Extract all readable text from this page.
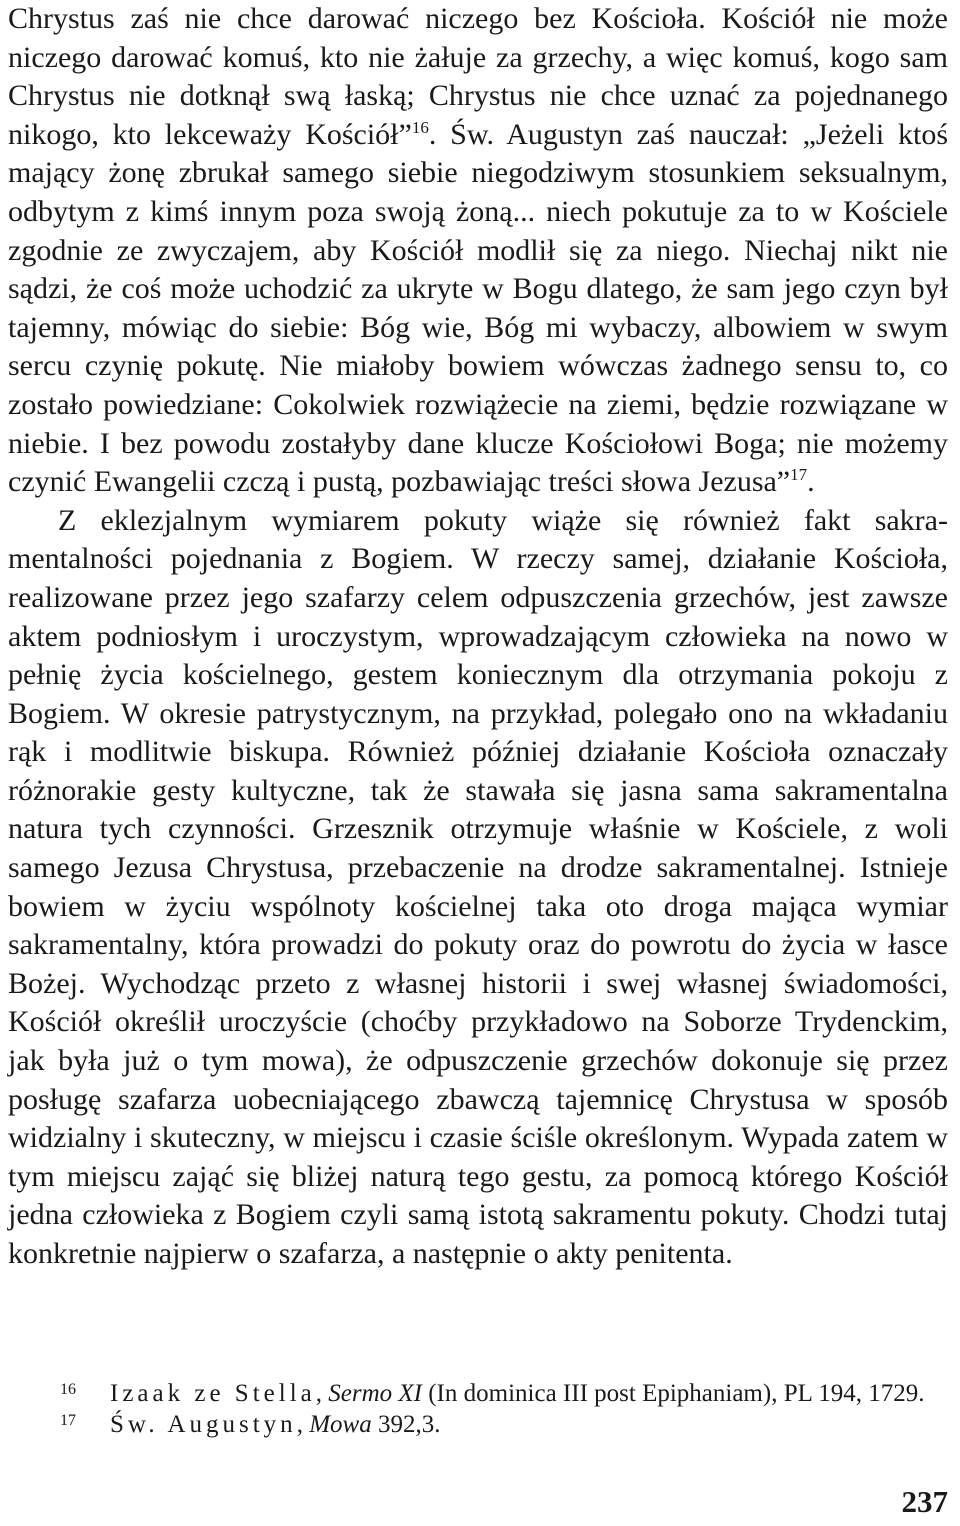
Chrystus zaś nie chce darować niczego bez Kościoła. Kościół nie może niczego darować komuś, kto nie żałuje za grzechy, a więc komuś, kogo sam Chrystus nie dotknął swą łaską; Chrystus nie chce uznać za pojednanego nikogo, kto lekceważy Kościół”$^{16}$. Św. Augustyn zaś nauczał: „Jeżeli ktoś mający żonę zbrukał samego siebie niegodziwym stosunkiem seksualnym, odbytym z kimś innym poza swoją żoną... niech pokutuje za to w Kościele zgodnie ze zwyczajem, aby Kościół modlił się za niego. Niechaj nikt nie sądzi, że coś może uchodzić za ukryte w Bogu dlatego, że sam jego czyn był tajemny, mówiąc do siebie: Bóg wie, Bóg mi wybaczy, albowiem w swym sercu czynię pokutę. Nie miałoby bowiem wówczas żadnego sensu to, co zostało powiedziane: Cokolwiek rozwiążecie na ziemi, będzie rozwiązane w niebie. I bez powodu zostałyby dane klucze Kościołowi Boga; nie możemy czynić Ewangelii czczą i pustą, pozbawiając treści słowa Jezusa”$^{17}$.

Z eklezjalnym wymiarem pokuty wiąże się również fakt sakramentalności pojednania z Bogiem. W rzeczy samej, działanie Kościoła, realizowane przez jego szafarzy celem odpuszczenia grzechów, jest zawsze aktem podniosłym i uroczystym, wprowadzającym człowieka na nowo w pełnię życia kościelnego, gestem koniecznym dla otrzymania pokoju z Bogiem. W okresie patrystycznym, na przykład, polegało ono na wkładaniu rąk i modlitwie biskupa. Również później działanie Kościoła oznaczały różnorakie gesty kultyczne, tak że stawała się jasna sama sakramentalna natura tych czynności. Grzesznik otrzymuje właśnie w Kościele, z woli samego Jezusa Chrystusa, przebaczenie na drodze sakramentalnej. Istnieje bowiem w życiu wspólnoty kościelnej taka oto droga mająca wymiar sakramentalny, która prowadzi do pokuty oraz do powrotu do życia w łasce Bożej. Wychodząc przeto z własnej historii i swej własnej świadomości, Kościół określił uroczyście (choćby przykładowo na Soborze Trydenckim, jak była już o tym mowa), że odpuszczenie grzechów dokonuje się przez posługę szafarza uobecniającego zbawczą tajemnicę Chrystusa w sposób widzialny i skuteczny, w miejscu i czasie ściśle określonym. Wypada zatem w tym miejscu zająć się bliżej naturą tego gestu, za pomocą którego Kościół jedna człowieka z Bogiem czyli samą istotą sakramentu pokuty. Chodzi tutaj konkretnie najpierw o szafarza, a następnie o akty penitenta.

16 Izaak ze Stella, Sermo XI (In dominica III post Epiphaniam), PL 194, 1729.
17 Św. Augustyn, Mowa 392,3.
237
